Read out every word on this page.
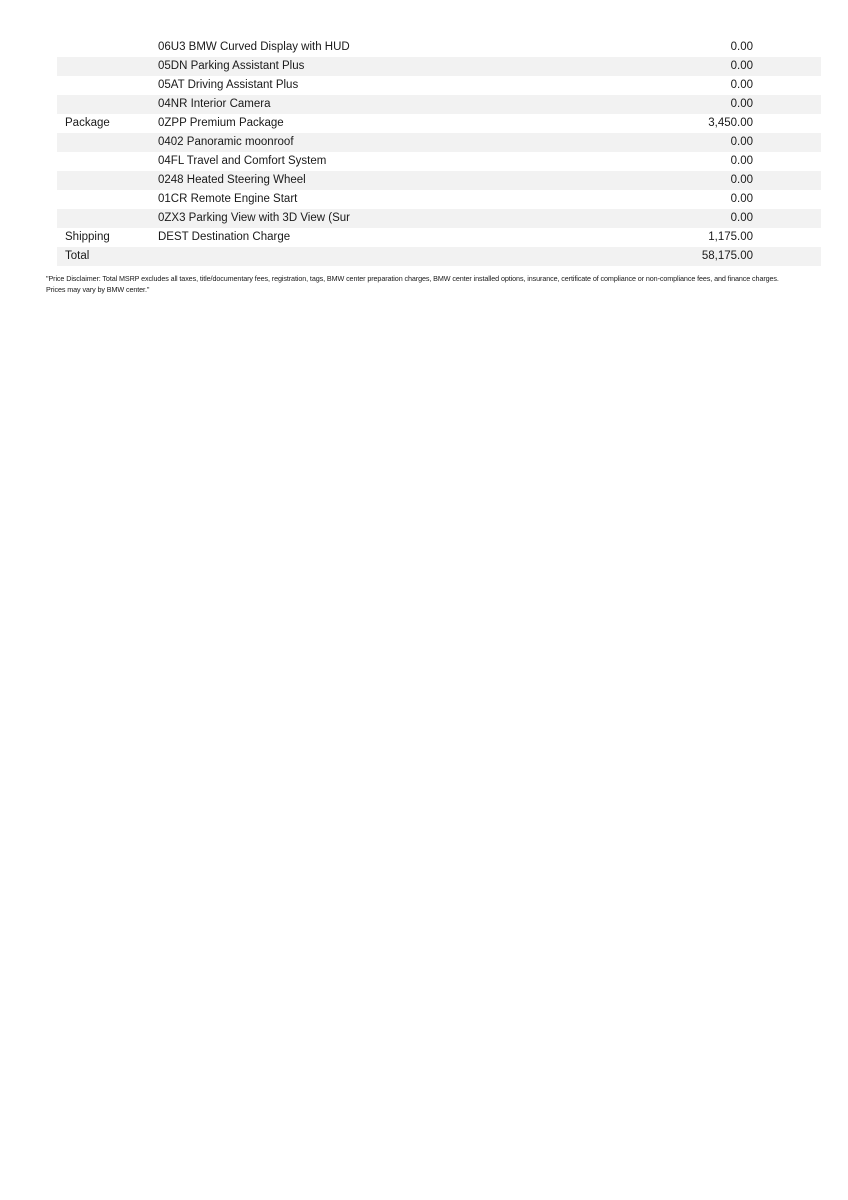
	06U3 BMW Curved Display with HUD	0.00	
	05DN Parking Assistant Plus	0.00	
	05AT Driving Assistant Plus	0.00	
	04NR Interior Camera	0.00	
Package	0ZPP Premium Package	3,450.00	
	0402 Panoramic moonroof	0.00	
	04FL Travel and Comfort System	0.00	
	0248 Heated Steering Wheel	0.00	
	01CR Remote Engine Start	0.00	
	0ZX3 Parking View with 3D View (Sur	0.00	
Shipping	DEST Destination Charge	1,175.00	
Total		58,175.00	
"Price Disclaimer: Total MSRP excludes all taxes, title/documentary fees, registration, tags, BMW center preparation charges, BMW center installed options, insurance, certificate of compliance or non-compliance fees, and finance charges. Prices may vary by BMW center."
